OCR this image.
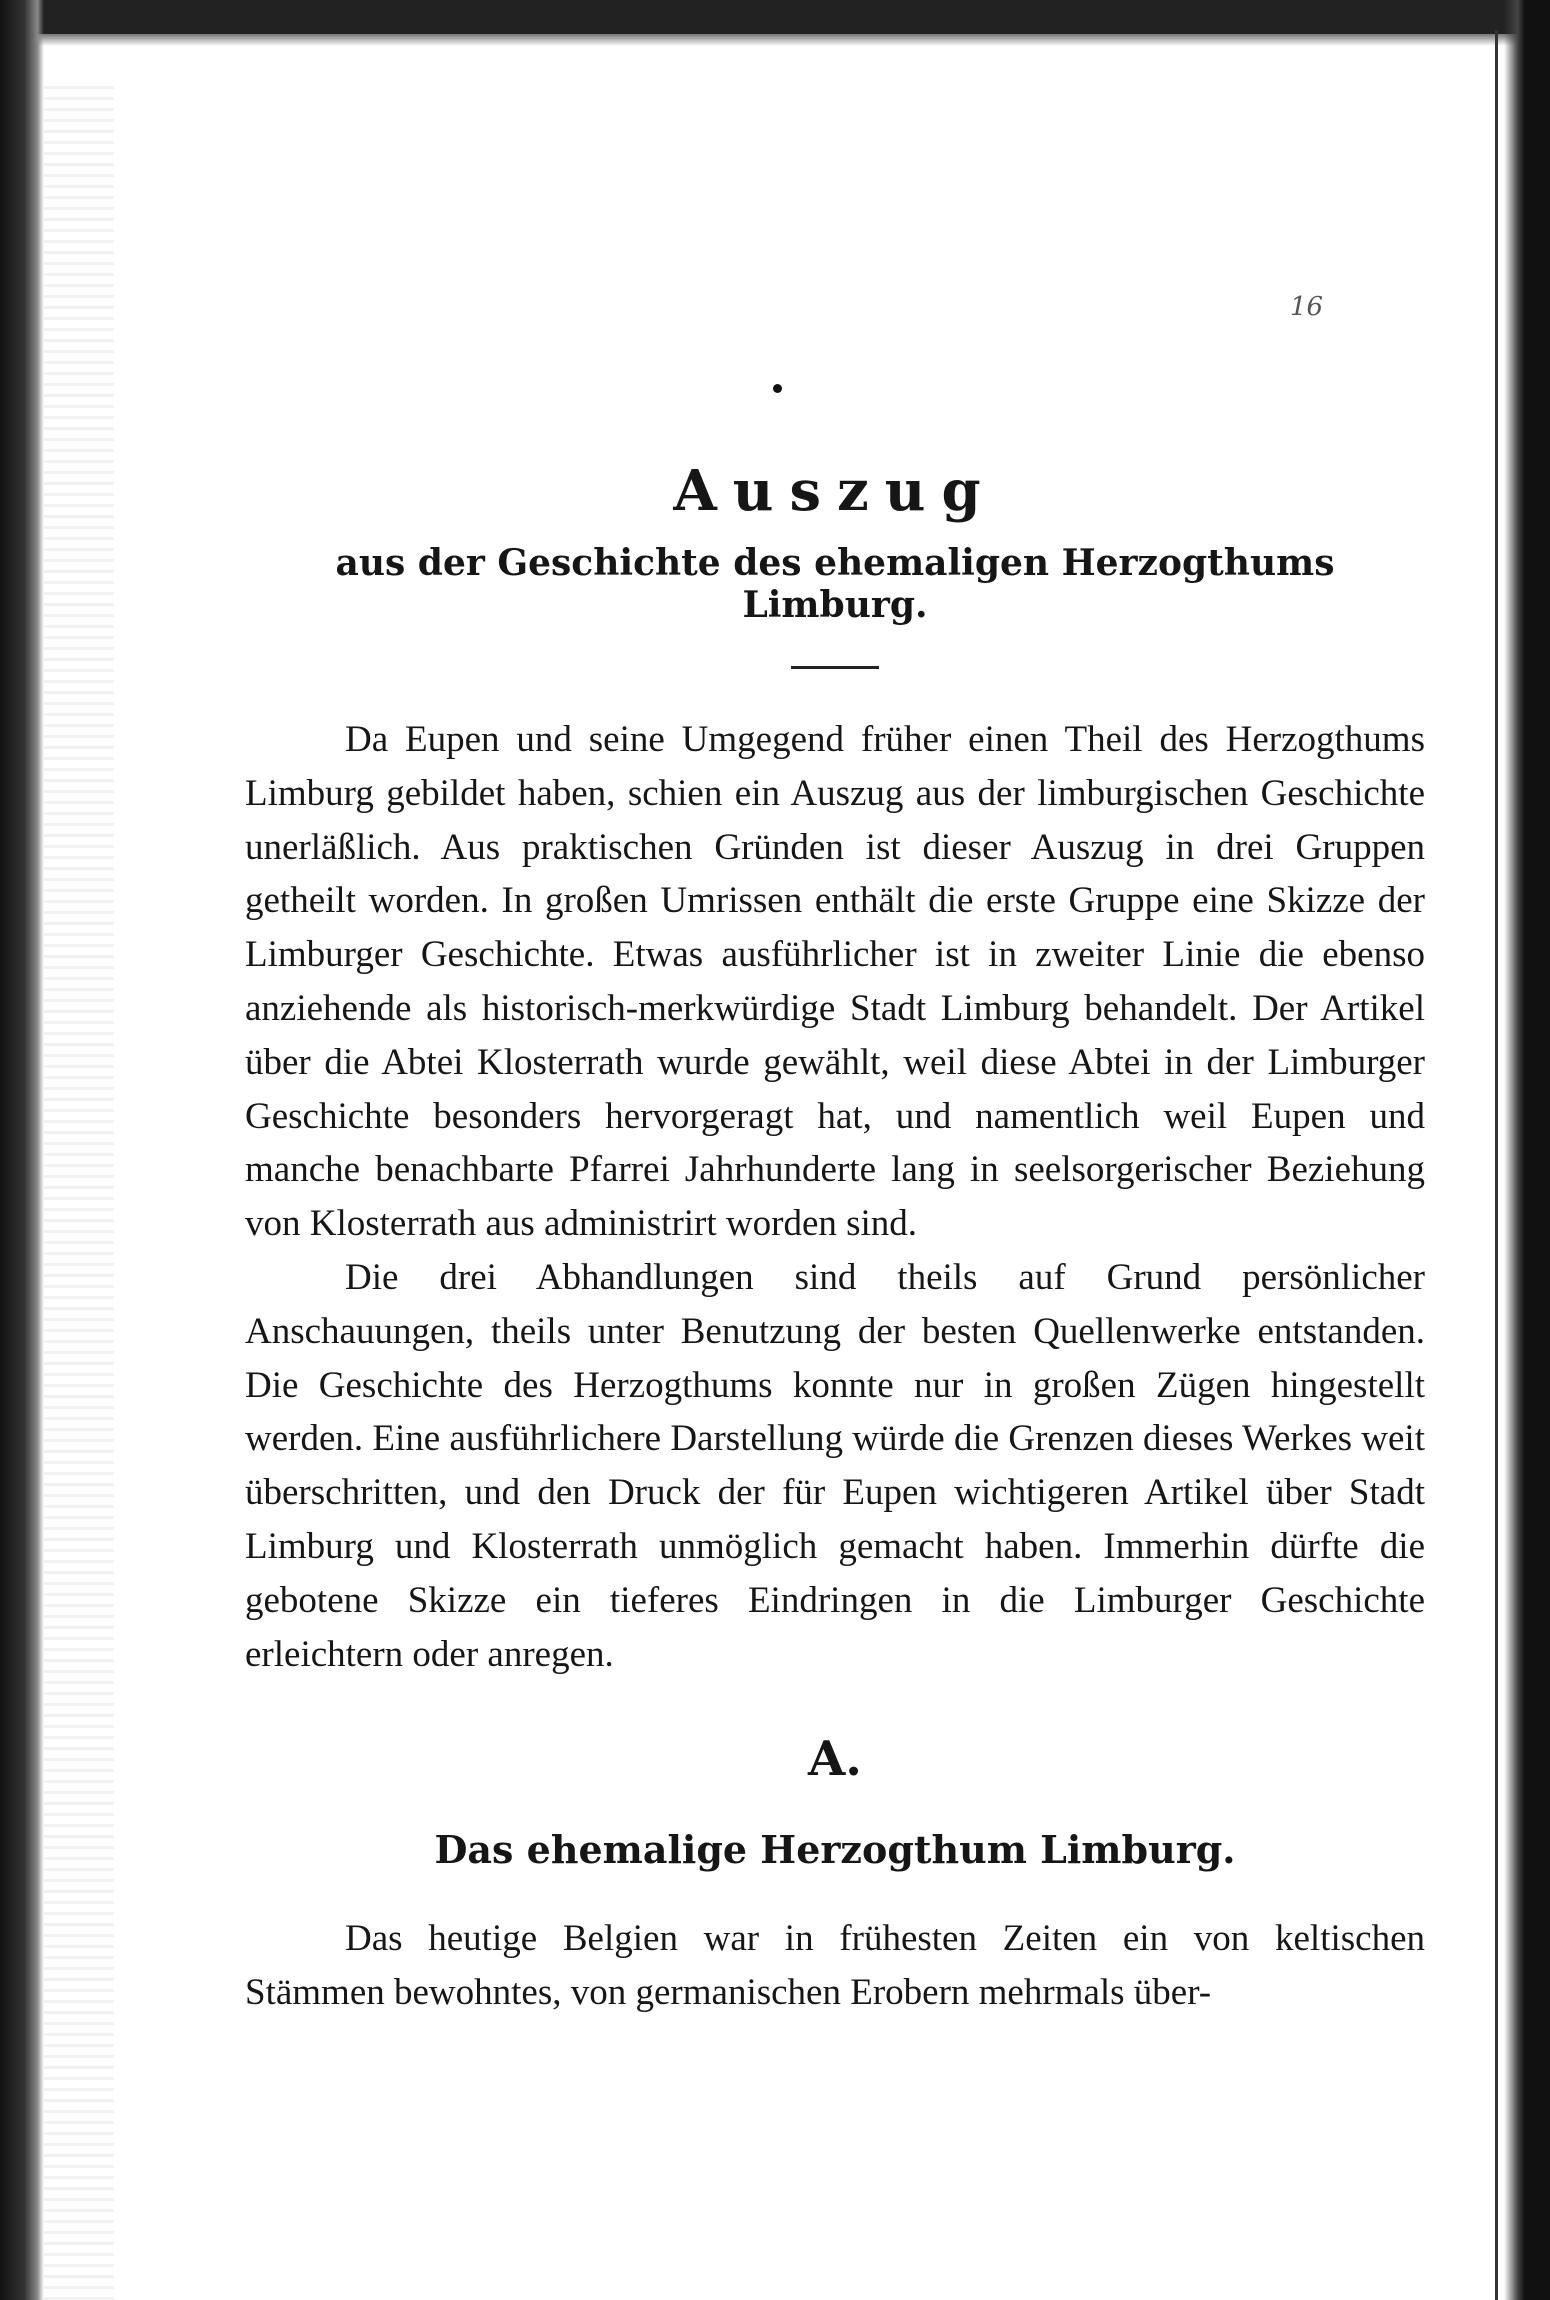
16
Auszug
aus der Geschichte des ehemaligen Herzogthums Limburg.

Da Eupen und seine Umgegend früher einen Theil des Herzogthums Limburg gebildet haben, schien ein Auszug aus der limburgischen Geschichte unerläßlich. Aus praktischen Gründen ist dieser Auszug in drei Gruppen getheilt worden. In großen Umrissen enthält die erste Gruppe eine Skizze der Limburger Geschichte. Etwas ausführlicher ist in zweiter Linie die ebenso anziehende als historisch-merkwürdige Stadt Limburg behandelt. Der Artikel über die Abtei Klosterrath wurde gewählt, weil diese Abtei in der Limburger Geschichte besonders hervorgeragt hat, und namentlich weil Eupen und manche benachbarte Pfarrei Jahrhunderte lang in seelsorgerischer Beziehung von Klosterrath aus administrirt worden sind.

Die drei Abhandlungen sind theils auf Grund persönlicher Anschauungen, theils unter Benutzung der besten Quellenwerke entstanden. Die Geschichte des Herzogthums konnte nur in großen Zügen hingestellt werden. Eine ausführlichere Darstellung würde die Grenzen dieses Werkes weit überschritten, und den Druck der für Eupen wichtigeren Artikel über Stadt Limburg und Klosterrath unmöglich gemacht haben. Immerhin dürfte die gebotene Skizze ein tieferes Eindringen in die Limburger Geschichte erleichtern oder anregen.

A.
Das ehemalige Herzogthum Limburg.

Das heutige Belgien war in frühesten Zeiten ein von keltischen Stämmen bewohntes, von germanischen Erobern mehrmals über-
